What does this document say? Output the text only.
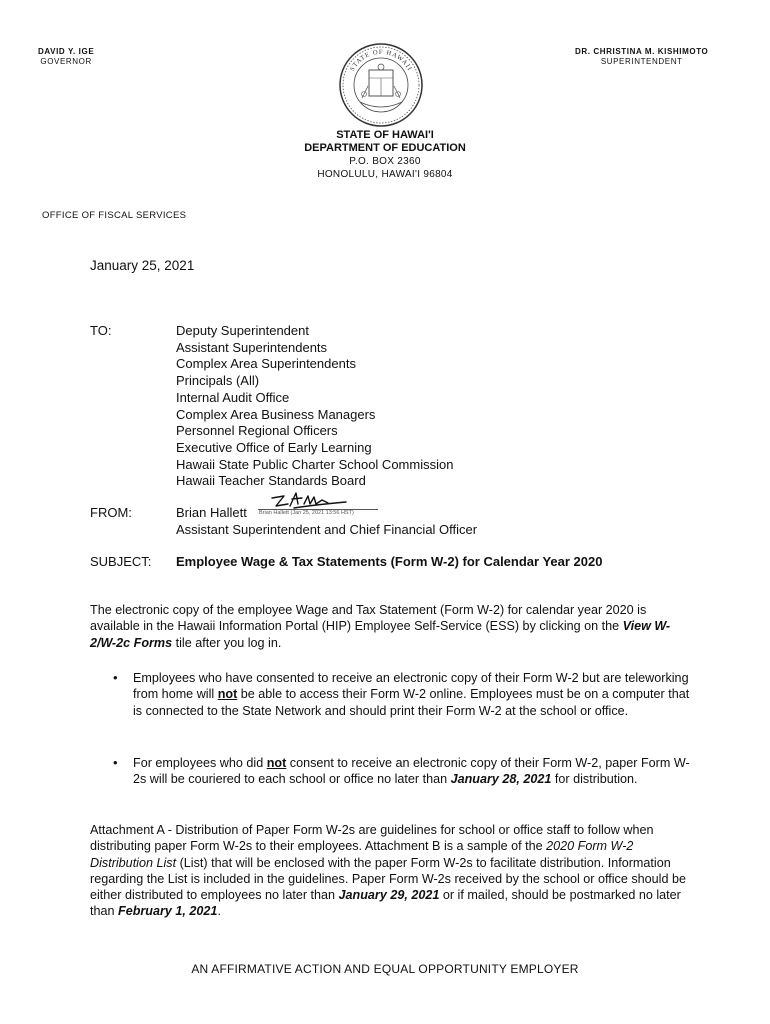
DAVID Y. IGE
GOVERNOR
DR. CHRISTINA M. KISHIMOTO
SUPERINTENDENT
STATE OF HAWAII
STATE OF HAWAI'I
DEPARTMENT OF EDUCATION
P.O. BOX 2360
HONOLULU, HAWAI'I 96804
OFFICE OF FISCAL SERVICES
January 25, 2021
TO:	Deputy Superintendent
Assistant Superintendents
Complex Area Superintendents
Principals (All)
Internal Audit Office
Complex Area Business Managers
Personnel Regional Officers
Executive Office of Early Learning
Hawaii State Public Charter School Commission
Hawaii Teacher Standards Board
FROM:	Brian Hallett (Jan 25, 2021 13:56 HST)
Brian Hallett
Assistant Superintendent and Chief Financial Officer
SUBJECT: Employee Wage & Tax Statements (Form W-2) for Calendar Year 2020
The electronic copy of the employee Wage and Tax Statement (Form W-2) for calendar year 2020 is available in the Hawaii Information Portal (HIP) Employee Self-Service (ESS) by clicking on the View W-2/W-2c Forms tile after you log in.
• Employees who have consented to receive an electronic copy of their Form W-2 but are teleworking from home will not be able to access their Form W-2 online. Employees must be on a computer that is connected to the State Network and should print their Form W-2 at the school or office.
• For employees who did not consent to receive an electronic copy of their Form W-2, paper Form W-2s will be couriered to each school or office no later than January 28, 2021 for distribution.
Attachment A - Distribution of Paper Form W-2s are guidelines for school or office staff to follow when distributing paper Form W-2s to their employees. Attachment B is a sample of the 2020 Form W-2 Distribution List (List) that will be enclosed with the paper Form W-2s to facilitate distribution. Information regarding the List is included in the guidelines. Paper Form W-2s received by the school or office should be either distributed to employees no later than January 29, 2021 or if mailed, should be postmarked no later than February 1, 2021.
AN AFFIRMATIVE ACTION AND EQUAL OPPORTUNITY EMPLOYER
